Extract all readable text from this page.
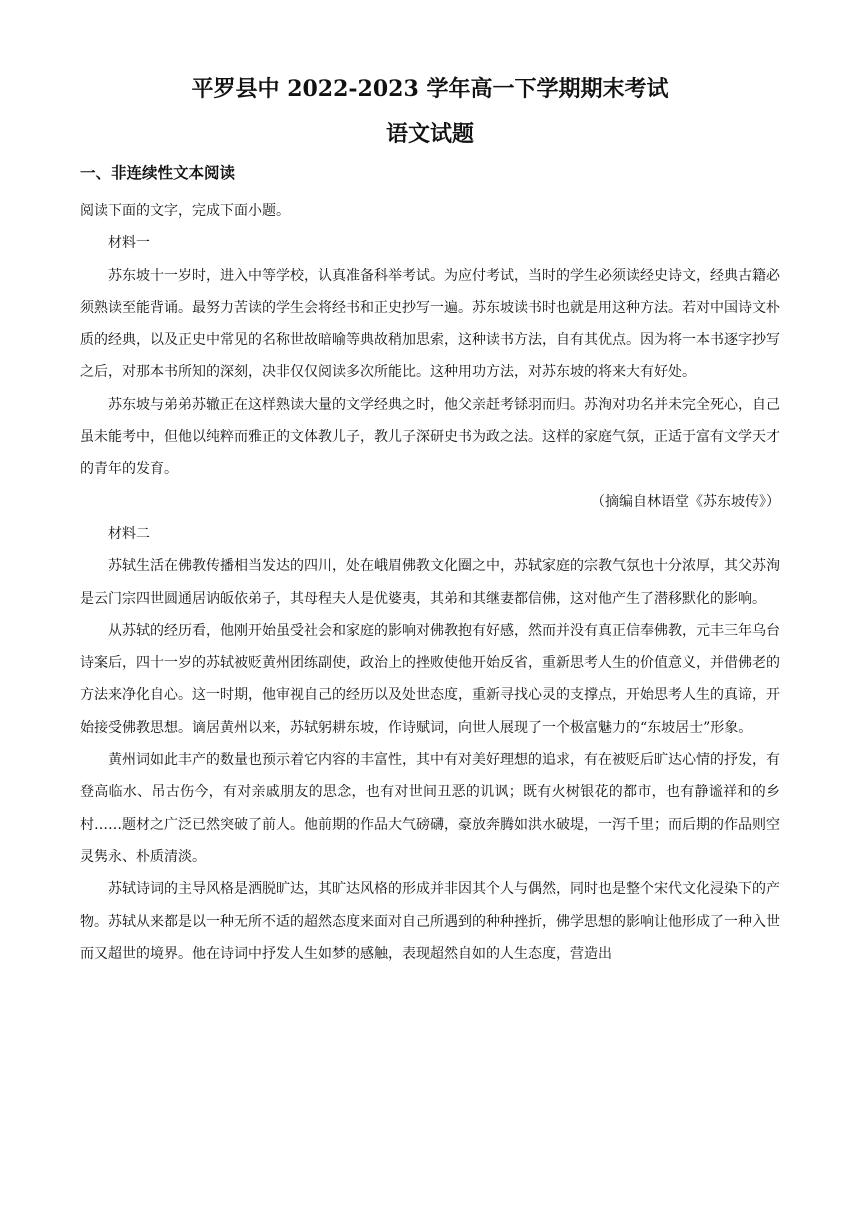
平罗县中 2022-2023 学年高一下学期期末考试
语文试题
一、非连续性文本阅读

阅读下面的文字，完成下面小题。

材料一

苏东坡十一岁时，进入中等学校，认真准备科举考试。为应付考试，当时的学生必须读经史诗文，经典古籍必须熟读至能背诵。最努力苦读的学生会将经书和正史抄写一遍。苏东坡读书时也就是用这种方法。若对中国诗文朴质的经典，以及正史中常见的名称世故暗喻等典故稍加思索，这种读书方法，自有其优点。因为将一本书逐字抄写之后，对那本书所知的深刻，决非仅仅阅读多次所能比。这种用功方法，对苏东坡的将来大有好处。

苏东坡与弟弟苏辙正在这样熟读大量的文学经典之时，他父亲赶考铩羽而归。苏洵对功名并未完全死心，自己虽未能考中，但他以纯粹而雅正的文体教儿子，教儿子深研史书为政之法。这样的家庭气氛，正适于富有文学天才的青年的发育。

（摘编自林语堂《苏东坡传》）

材料二

苏轼生活在佛教传播相当发达的四川，处在峨眉佛教文化圈之中，苏轼家庭的宗教气氛也十分浓厚，其父苏洵是云门宗四世圆通居讷皈依弟子，其母程夫人是优婆夷，其弟和其继妻都信佛，这对他产生了潜移默化的影响。

从苏轼的经历看，他刚开始虽受社会和家庭的影响对佛教抱有好感，然而并没有真正信奉佛教，元丰三年乌台诗案后，四十一岁的苏轼被贬黄州团练副使，政治上的挫败使他开始反省，重新思考人生的价值意义，并借佛老的方法来净化自心。这一时期，他审视自己的经历以及处世态度，重新寻找心灵的支撑点，开始思考人生的真谛，开始接受佛教思想。谪居黄州以来，苏轼躬耕东坡，作诗赋词，向世人展现了一个极富魅力的“东坡居士”形象。

黄州词如此丰产的数量也预示着它内容的丰富性，其中有对美好理想的追求，有在被贬后旷达心情的抒发，有登高临水、吊古伤今，有对亲戚朋友的思念，也有对世间丑恶的讥讽；既有火树银花的都市，也有静谧祥和的乡村……题材之广泛已然突破了前人。他前期的作品大气磅礴，豪放奔腾如洪水破堤，一泻千里；而后期的作品则空灵隽永、朴质清淡。

苏轼诗词的主导风格是洒脱旷达，其旷达风格的形成并非因其个人与偶然，同时也是整个宋代文化浸染下的产物。苏轼从来都是以一种无所不适的超然态度来面对自己所遇到的种种挫折，佛学思想的影响让他形成了一种入世而又超世的境界。他在诗词中抒发人生如梦的感触，表现超然自如的人生态度，营造出
